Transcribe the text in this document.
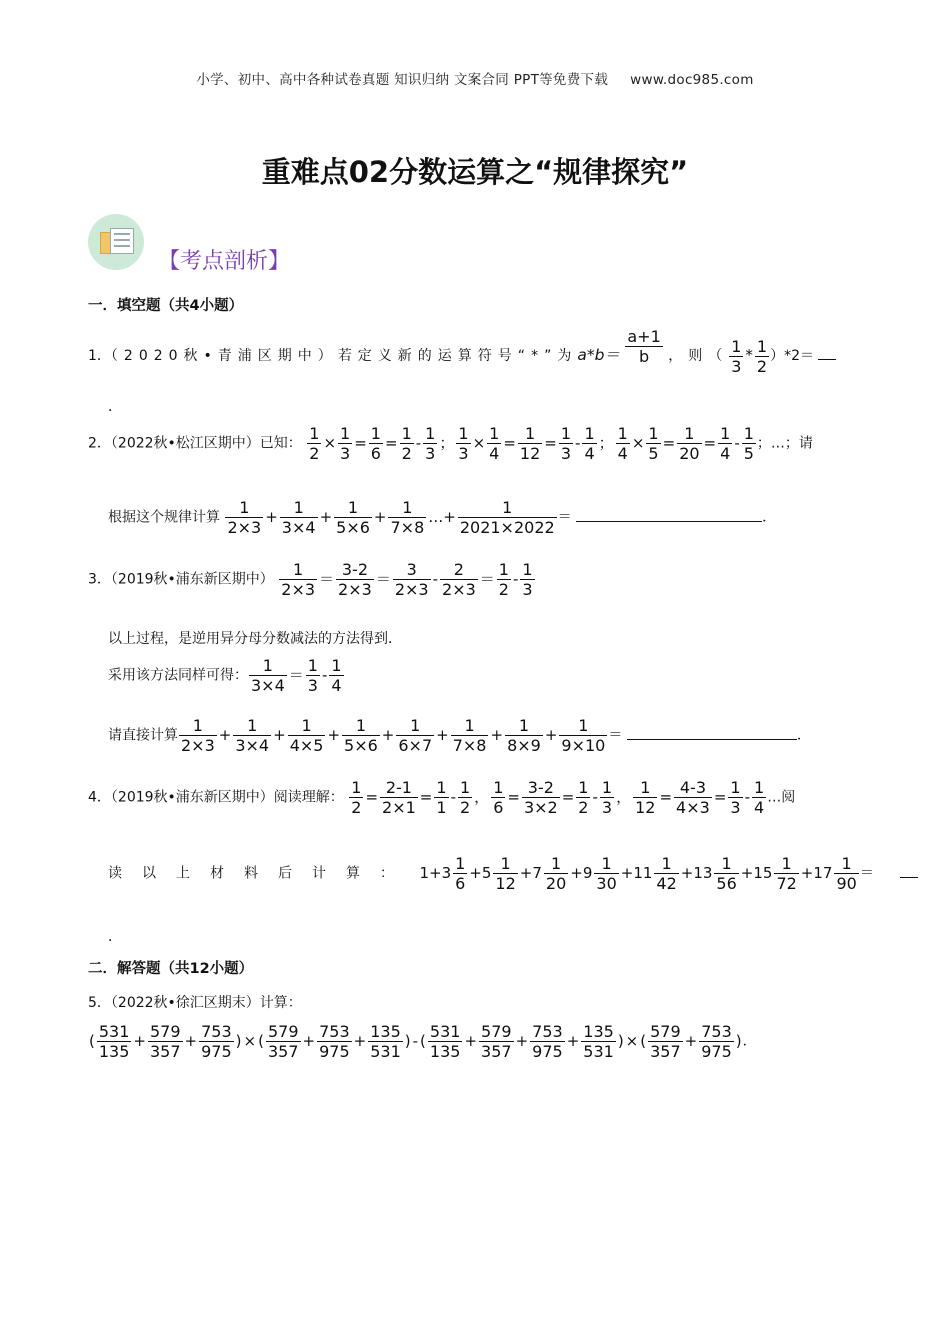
小学、初中、高中各种试卷真题 知识归纳 文案合同 PPT等免费下载 www.doc985.com
重难点02分数运算之“规律探究”
【考点剖析】
一．填空题（共4小题）
1．（2020秋•青浦区期中）若定义新的运算符号“*”为$a*b= \frac{a+1}{b}$ ，则（ $\frac{1}{3} * \frac{1}{2} )*2=$
．
2．（2022秋•松江区期中）已知： $\frac{1}{2} \times \frac{1}{3} = \frac{1}{6} = \frac{1}{2} - \frac{1}{3}$ ； $\frac{1}{3} \times \frac{1}{4} = \frac{1}{12} = \frac{1}{3} - \frac{1}{4}$ ； $\frac{1}{4} \times \frac{1}{5} = \frac{1}{20} = \frac{1}{4} - \frac{1}{5}$ ；…；请
根据这个规律计算 $\frac{1}{2\times 3} + \frac{1}{3\times 4} + \frac{1}{5\times 6} + \frac{1}{7\times 8}$ …+ $\frac{1}{2021\times 2022}$ ＝	．
3．（2019秋•浦东新区期中） $\frac{1}{2\times 3} = \frac{3-2}{2\times 3} = \frac{3}{2\times 3} - \frac{2}{2\times 3} = \frac{1}{2} - \frac{1}{3}$
以上过程，是逆用异分母分数减法的方法得到．
采用该方法同样可得： $\frac{1}{3\times 4} = \frac{1}{3} - \frac{1}{4}$
请直接计算 $\frac{1}{2\times 3} + \frac{1}{3\times 4} + \frac{1}{4\times 5} + \frac{1}{5\times 6} + \frac{1}{6\times 7} + \frac{1}{7\times 8} + \frac{1}{8\times 9} + \frac{1}{9\times 10}$ ＝	．
4．（2019秋•浦东新区期中）阅读理解： $\frac{1}{2} = \frac{2-1}{2\times 1} = \frac{1}{1} - \frac{1}{2}$ ， $\frac{1}{6} = \frac{3-2}{3\times 2} = \frac{1}{2} - \frac{1}{3}$ ， $\frac{1}{12} = \frac{4-3}{4\times 3} = \frac{1}{3} - \frac{1}{4}$ …阅
读以上材料后计算： $1+3 \frac{1}{6} +5 \frac{1}{12} +7 \frac{1}{20} +9 \frac{1}{30} +11 \frac{1}{42} +13 \frac{1}{56} +15 \frac{1}{72} +17 \frac{1}{90}$ ＝
．
二．解答题（共12小题）
5．（2022秋•徐汇区期末）计算：
( $\frac{531}{135} + \frac{579}{357} + \frac{753}{975}$ ) × ( $\frac{579}{357} + \frac{753}{975} + \frac{135}{531}$ ) - ( $\frac{531}{135} + \frac{579}{357} + \frac{753}{975} + \frac{135}{531}$ ) × ( $\frac{579}{357} + \frac{753}{975}$ )．
